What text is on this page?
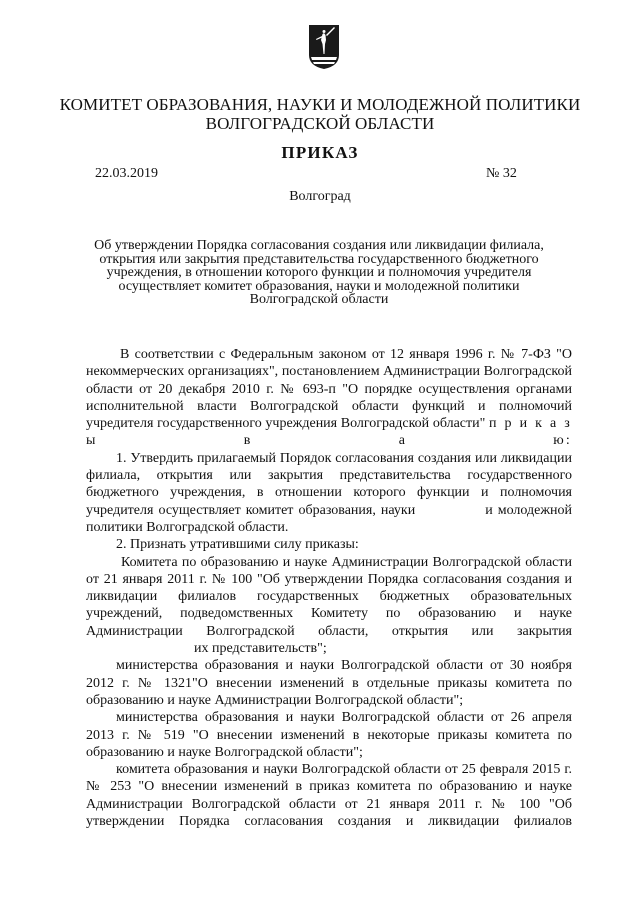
КОМИТЕТ ОБРАЗОВАНИЯ, НАУКИ И МОЛОДЕЖНОЙ ПОЛИТИКИ
ВОЛГОГРАДСКОЙ ОБЛАСТИ
ПРИКАЗ
22.03.2019	№ 32
Волгоград
Об утверждении Порядка согласования создания или ликвидации филиала, открытия или закрытия представительства государственного бюджетного учреждения, в отношении которого функции и полномочия учредителя осуществляет комитет образования, науки и молодежной политики Волгоградской области

В соответствии с Федеральным законом от 12 января 1996 г. № 7-ФЗ "О некоммерческих организациях", постановлением Администрации Волгоградской области от 20 декабря 2010 г. № 693-п "О порядке осуществления органами исполнительной власти Волгоградской области функций и полномочий учредителя государственного учреждения Волгоградской области" п р и к а з ы в а ю:

1. Утвердить прилагаемый Порядок согласования создания или ликвидации филиала, открытия или закрытия представительства государственного бюджетного учреждения, в отношении которого функции и полномочия учредителя осуществляет комитет образования, науки	и молодежной политики Волгоградской области.

2. Признать утратившими силу приказы:

Комитета по образованию и науке Администрации Волгоградской области от 21 января 2011 г. № 100 "Об утверждении Порядка согласования создания и ликвидации филиалов государственных бюджетных образовательных учреждений, подведомственных Комитету по образованию и науке Администрации Волгоградской области, открытия или закрытияих представительств";

министерства образования и науки Волгоградской области от 30 ноября 2012 г. № 1321"О внесении изменений в отдельные приказы комитета по образованию и науке Администрации Волгоградской области";

министерства образования и науки Волгоградской области от 26 апреля 2013 г. № 519 "О внесении изменений в некоторые приказы комитета по образованию и науке Волгоградской области";

комитета образования и науки Волгоградской области от 25 февраля 2015 г. № 253 "О внесении изменений в приказ комитета по образованию и науке Администрации Волгоградской области от 21 января 2011 г. № 100 "Об утверждении Порядка согласования создания и ликвидации филиалов
